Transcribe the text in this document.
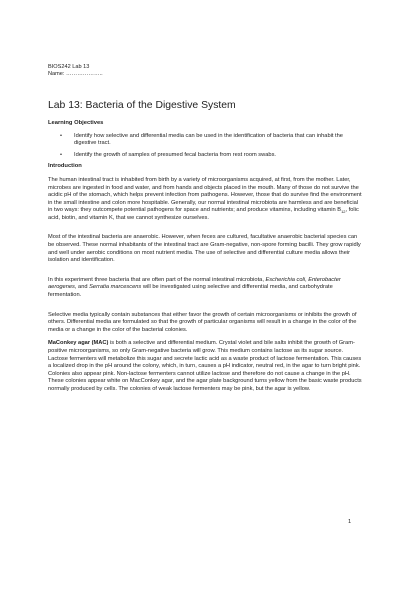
BIOS242 Lab 13
Name: ………………..
Lab 13: Bacteria of the Digestive System
Learning Objectives
• Identify how selective and differential media can be used in the identification of bacteria that can inhabit the digestive tract.
• Identify the growth of samples of presumed fecal bacteria from rest room swabs.
Introduction

The human intestinal tract is inhabited from birth by a variety of microorganisms acquired, at first, from the mother. Later, microbes are ingested in food and water, and from hands and objects placed in the mouth. Many of those do not survive the acidic pH of the stomach, which helps prevent infection from pathogens. However, those that do survive find the environment in the small intestine and colon more hospitable. Generally, our normal intestinal microbiota are harmless and are beneficial in two ways: they outcompete potential pathogens for space and nutrients; and produce vitamins, including vitamin $B_{12}$, folic acid, biotin, and vitamin K, that we cannot synthesize ourselves.

Most of the intestinal bacteria are anaerobic. However, when feces are cultured, facultative anaerobic bacterial species can be observed. These normal inhabitants of the intestinal tract are Gram-negative, non-spore forming bacilli. They grow rapidly and well under aerobic conditions on most nutrient media. The use of selective and differential culture media allows their isolation and identification.

In this experiment three bacteria that are often part of the normal intestinal microbiota, Escherichia coli, Enterobacter aerogenes, and Serratia marcescens will be investigated using selective and differential media, and carbohydrate fermentation.

Selective media typically contain substances that either favor the growth of certain microorganisms or inhibits the growth of others. Differential media are formulated so that the growth of particular organisms will result in a change in the color of the media or a change in the color of the bacterial colonies.

MaConkey agar (MAC) is both a selective and differential medium. Crystal violet and bile salts inhibit the growth of Gram-positive microorganisms, so only Gram-negative bacteria will grow. This medium contains lactose as its sugar source. Lactose fermenters will metabolize this sugar and secrete lactic acid as a waste product of lactose fermentation. This causes a localized drop in the pH around the colony, which, in turn, causes a pH indicator, neutral red, in the agar to turn bright pink. Colonies also appear pink. Non-lactose fermenters cannot utilize lactose and therefore do not cause a change in the pH. These colonies appear white on MacConkey agar, and the agar plate background turns yellow from the basic waste products normally produced by cells. The colonies of weak lactose fermenters may be pink, but the agar is yellow.

1
